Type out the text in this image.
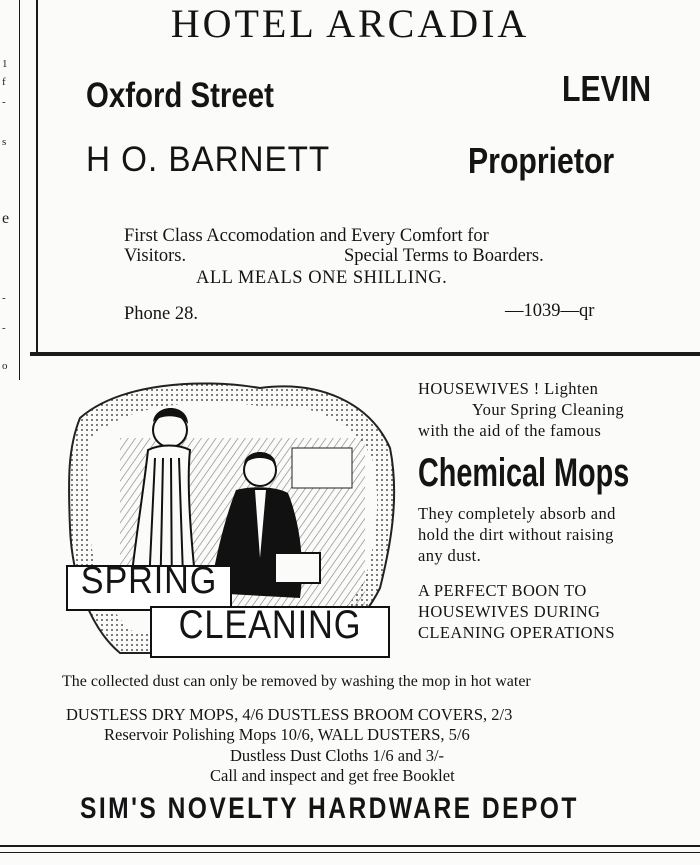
1
f
-
s
e
-
-
o
HOTEL ARCADIA
Oxford Street	LEVIN
H O. BARNETT	Proprietor
First Class Accomodation and Every Comfort for
Visitors.	Special Terms to Boarders.
ALL MEALS ONE SHILLING.
Phone 28.	—1039—qr
SPRING
CLEANING
HOUSEWIVES ! Lighten
Your Spring Cleaning
with the aid of the famous
Chemical Mops
They completely absorb and
hold the dirt without raising
any dust.
A PERFECT BOON TO
HOUSEWIVES DURING
CLEANING OPERATIONS
The collected dust can only be removed by washing the mop in hot water
DUSTLESS DRY MOPS, 4/6 DUSTLESS BROOM COVERS, 2/3
Reservoir Polishing Mops 10/6, WALL DUSTERS, 5/6
Dustless Dust Cloths 1/6 and 3/-
Call and inspect and get free Booklet
SIM'S NOVELTY HARDWARE DEPOT
